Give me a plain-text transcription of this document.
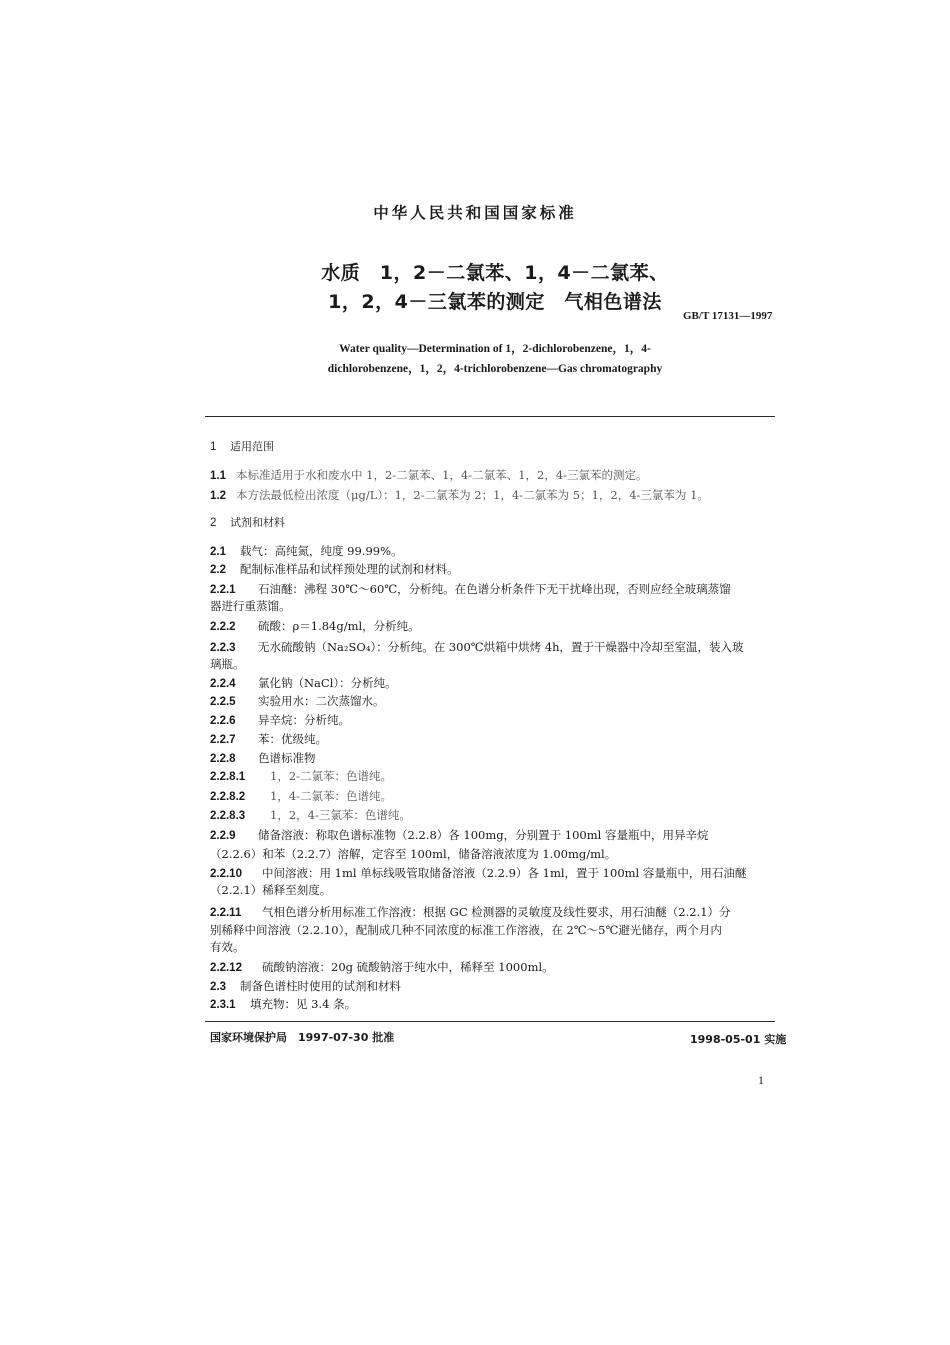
中华人民共和国国家标准
水质　1，2－二氯苯、1，4－二氯苯、
1，2，4－三氯苯的测定　气相色谱法
GB/T 17131—1997
Water quality—Determination of 1，2-dichlorobenzene，1，4-
dichlorobenzene，1，2，4-trichlorobenzene—Gas chromatography
1 适用范围
1.1 本标准适用于水和废水中 1，2-二氯苯、1，4-二氯苯、1，2，4-三氯苯的测定。
1.2 本方法最低检出浓度（μg/L）：1，2-二氯苯为 2；1，4-二氯苯为 5；1，2，4-三氯苯为 1。
2 试剂和材料
2.1 载气：高纯氮，纯度 99.99%。
2.2 配制标准样品和试样预处理的试剂和材料。
2.2.1 石油醚：沸程 30℃～60℃，分析纯。在色谱分析条件下无干扰峰出现，否则应经全玻璃蒸馏
器进行重蒸馏。
2.2.2 硫酸：ρ＝1.84g/ml，分析纯。
2.2.3 无水硫酸钠（Na₂SO₄）：分析纯。在 300℃烘箱中烘烤 4h，置于干燥器中冷却至室温，装入玻
璃瓶。
2.2.4 氯化钠（NaCl）：分析纯。
2.2.5 实验用水：二次蒸馏水。
2.2.6 异辛烷：分析纯。
2.2.7 苯：优级纯。
2.2.8 色谱标准物
2.2.8.1 1，2-二氯苯：色谱纯。
2.2.8.2 1，4-二氯苯：色谱纯。
2.2.8.3 1，2，4-三氯苯：色谱纯。
2.2.9 储备溶液：称取色谱标准物（2.2.8）各 100mg，分别置于 100ml 容量瓶中，用异辛烷
（2.2.6）和苯（2.2.7）溶解，定容至 100ml，储备溶液浓度为 1.00mg/ml。
2.2.10 中间溶液：用 1ml 单标线吸管取储备溶液（2.2.9）各 1ml，置于 100ml 容量瓶中，用石油醚
（2.2.1）稀释至刻度。
2.2.11 气相色谱分析用标准工作溶液：根据 GC 检测器的灵敏度及线性要求，用石油醚（2.2.1）分
别稀释中间溶液（2.2.10），配制成几种不同浓度的标准工作溶液，在 2℃～5℃避光储存，两个月内
有效。
2.2.12 硫酸钠溶液：20g 硫酸钠溶于纯水中，稀释至 1000ml。
2.3 制备色谱柱时使用的试剂和材料
2.3.1 填充物：见 3.4 条。
国家环境保护局　1997-07-30 批准	1998-05-01 实施
1
